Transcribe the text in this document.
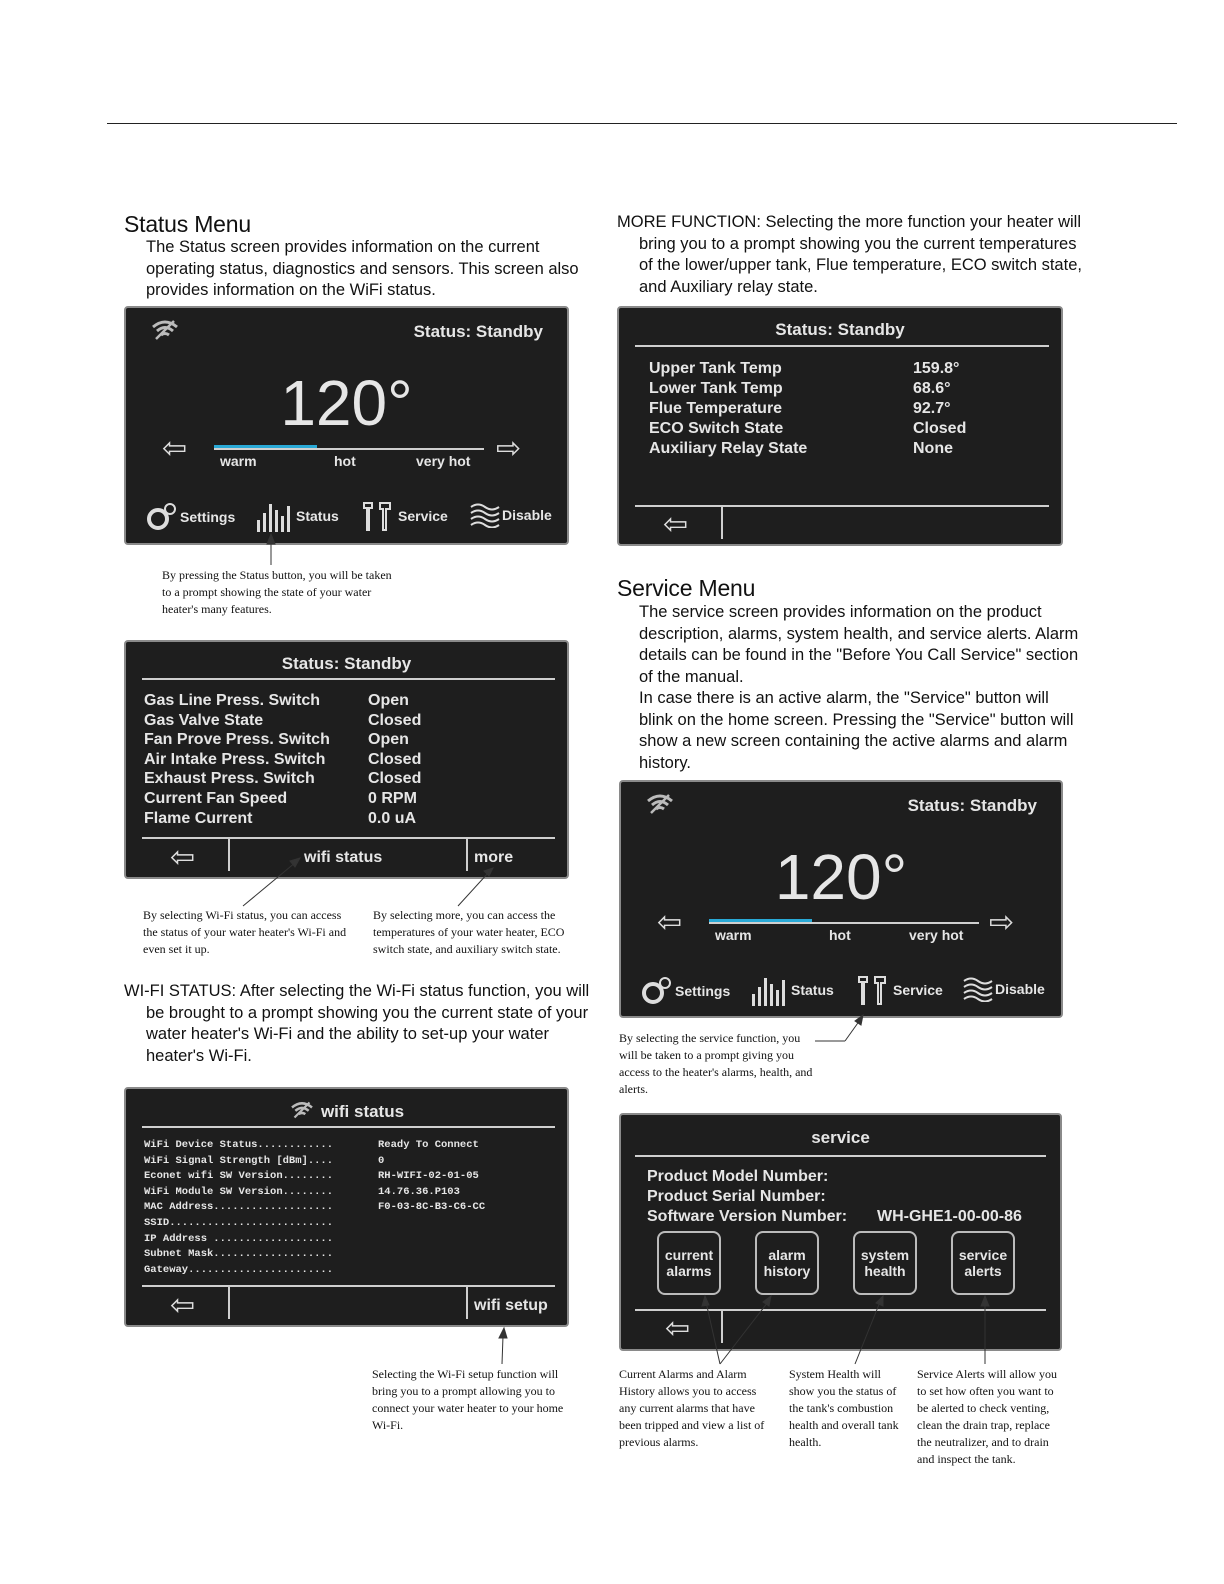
Status Menu
The Status screen provides information on the current operating status, diagnostics and sensors. This screen also provides information on the WiFi status.
Status: Standby
120°
⇦	⇨
warm	hot	very hot
Settings	Status	Service	Disable
By pressing the Status button, you will be taken to a prompt showing the state of your water heater's many features.
Status: Standby
Gas Line Press. Switch	Open
Gas Valve State	Closed
Fan Prove Press. Switch Open
Air Intake Press. Switch	Closed
Exhaust Press. Switch	Closed
Current Fan Speed	0 RPM
Flame Current	0.0 uA
⇦	wifi status	more
By selecting Wi-Fi status, you can access the status of your water heater's Wi-Fi and even set it up.
By selecting more, you can access the temperatures of your water heater, ECO switch state, and auxiliary switch state.
WI-FI STATUS: After selecting the Wi-Fi status function, you will be brought to a prompt showing you the current state of your water heater's Wi-Fi and the ability to set-up your water heater's Wi-Fi.
wifi status
WiFi Device Status............	Ready To Connect
WiFi Signal Strength [dBm]....	0
Econet wifi SW Version........	RH-WIFI-02-01-05
WiFi Module SW Version........	14.76.36.P103
MAC Address...................	F0-03-8C-B3-C6-CC
SSID..........................
IP Address ...................
Subnet Mask...................
Gateway.......................
⇦	wifi setup
Selecting the Wi-Fi setup function will bring you to a prompt allowing you to connect your water heater to your home Wi-Fi.
MORE FUNCTION: Selecting the more function your heater will bring you to a prompt showing you the current temperatures of the lower/upper tank, Flue temperature, ECO switch state, and Auxiliary relay state.
Status: Standby
Upper Tank Temp	159.8°
Lower Tank Temp	68.6°
Flue Temperature	92.7°
ECO Switch State	Closed
Auxiliary Relay State	None
⇦
Service Menu
The service screen provides information on the product description, alarms, system health, and service alerts. Alarm details can be found in the "Before You Call Service" section of the manual.
In case there is an active alarm, the "Service" button will blink on the home screen. Pressing the "Service" button will show a new screen containing the active alarms and alarm history.
Status: Standby
120°
⇦	⇨
warm	hot	very hot
Settings	Status	Service	Disable
By selecting the service function, you will be taken to a prompt giving you access to the heater's alarms, health, and alerts.
service
Product Model Number:
Product Serial Number:
Software Version Number: WH-GHE1-00-00-86
current
alarms
alarm
history
system
health
service
alerts
⇦
Current Alarms and Alarm History allows you to access any current alarms that have been tripped and view a list of previous alarms.
System Health will show you the status of the tank's combustion health and overall tank health.
Service Alerts will allow you to set how often you want to be alerted to check venting, clean the drain trap, replace the neutralizer, and to drain and inspect the tank.
